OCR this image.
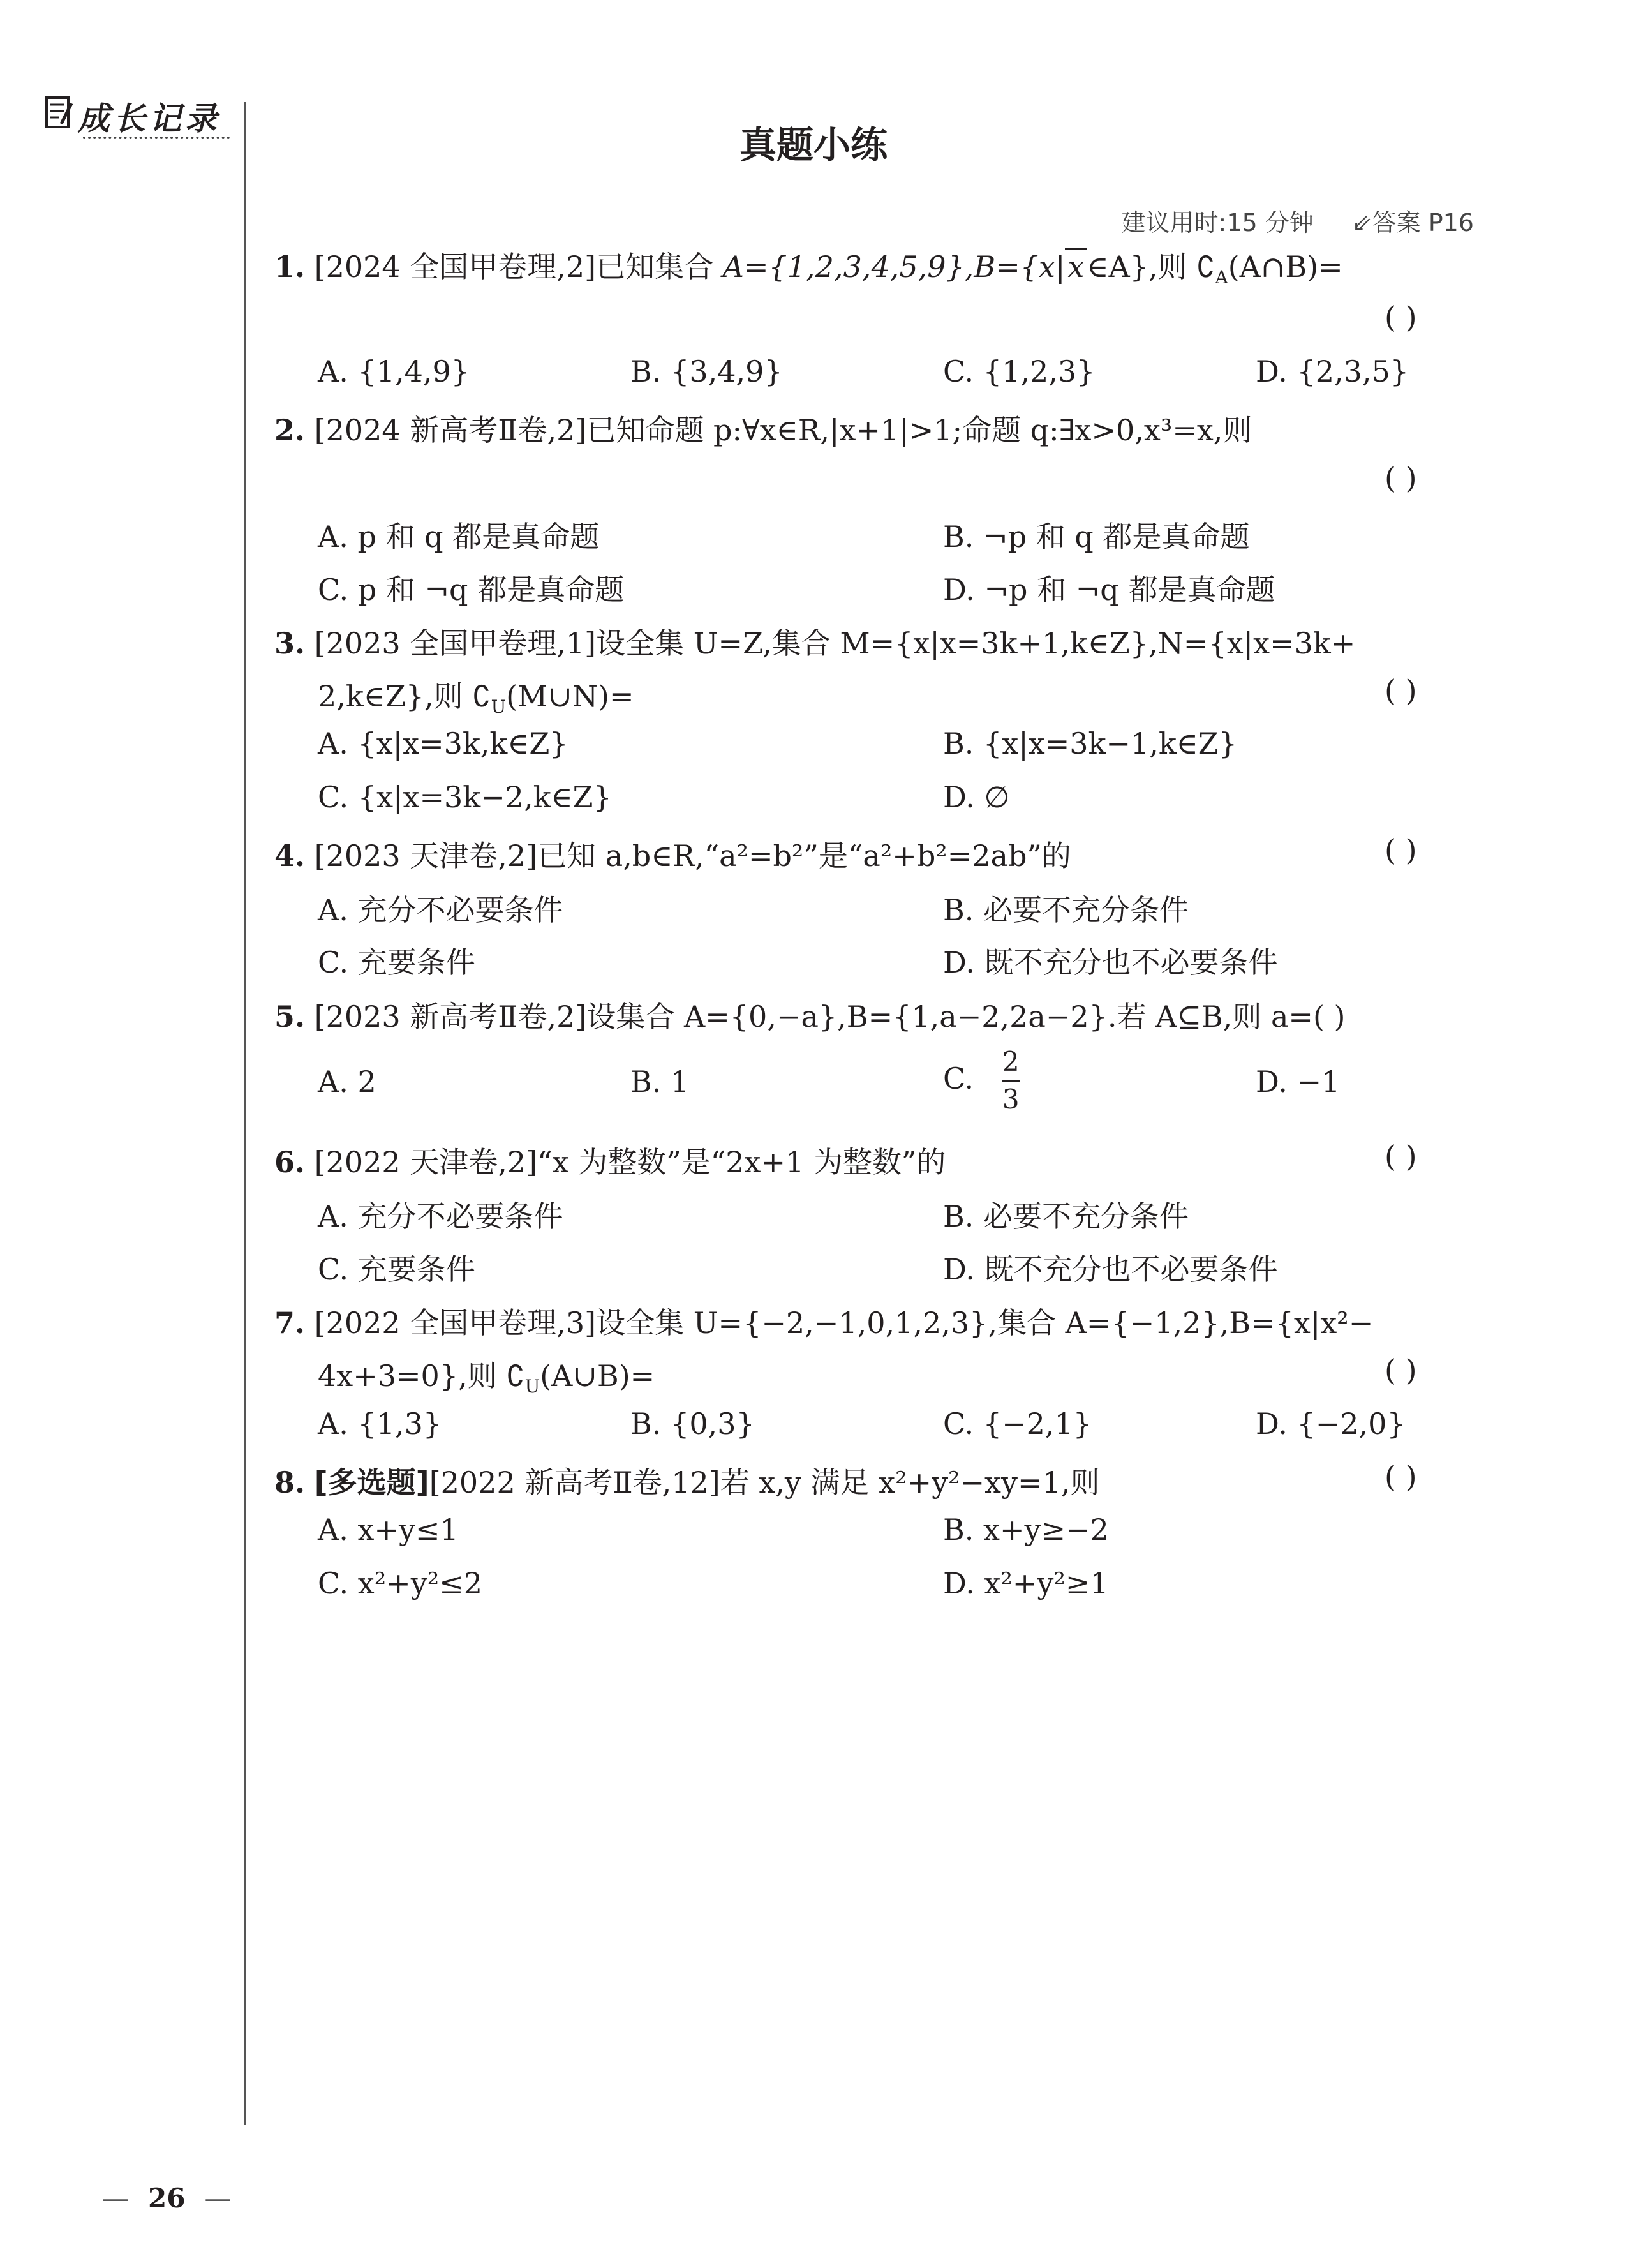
成长记录
真题小练
建议用时:15 分钟 ⇙答案 P16
1. [2024 全国甲卷理,2]已知集合 A={1,2,3,4,5,9},B={x|x∈A},则 $∁_A(A\cap B)=$
( )
A. {1,4,9}	B. {3,4,9}	C. {1,2,3}	D. {2,3,5}
2. [2024 新高考Ⅱ卷,2]已知命题 p:∀x∈R,|x+1|>1;命题 q:∃x>0,x³=x,则
( )
A. p 和 q 都是真命题	B. ¬p 和 q 都是真命题
C. p 和 ¬q 都是真命题	D. ¬p 和 ¬q 都是真命题
3. [2023 全国甲卷理,1]设全集 U=Z,集合 M={x|x=3k+1,k∈Z},N={x|x=3k+
2,k∈Z},则 $∁_U(M\cup N)=$	( )
A. {x|x=3k,k∈Z}	B. {x|x=3k−1,k∈Z}
C. {x|x=3k−2,k∈Z}	D. ∅
4. [2023 天津卷,2]已知 a,b∈R,“a²=b²”是“a²+b²=2ab”的	( )
A. 充分不必要条件	B. 必要不充分条件
C. 充要条件	D. 既不充分也不必要条件
5. [2023 新高考Ⅱ卷,2]设集合 A={0,−a},B={1,a−2,2a−2}.若 A⊆B,则 a=( )
A. 2	B. 1	C. $\frac{2}{3}$	D. −1
6. [2022 天津卷,2]“x 为整数”是“2x+1 为整数”的	( )
A. 充分不必要条件	B. 必要不充分条件
C. 充要条件	D. 既不充分也不必要条件
7. [2022 全国甲卷理,3]设全集 U={−2,−1,0,1,2,3},集合 A={−1,2},B={x|x²−
4x+3=0},则 $∁_U(A\cup B)=$	( )
A. {1,3}	B. {0,3}	C. {−2,1}	D. {−2,0}
8. [多选题][2022 新高考Ⅱ卷,12]若 x,y 满足 x²+y²−xy=1,则	( )
A. x+y≤1	B. x+y≥−2
C. x²+y²≤2	D. x²+y²≥1
— 26 —
